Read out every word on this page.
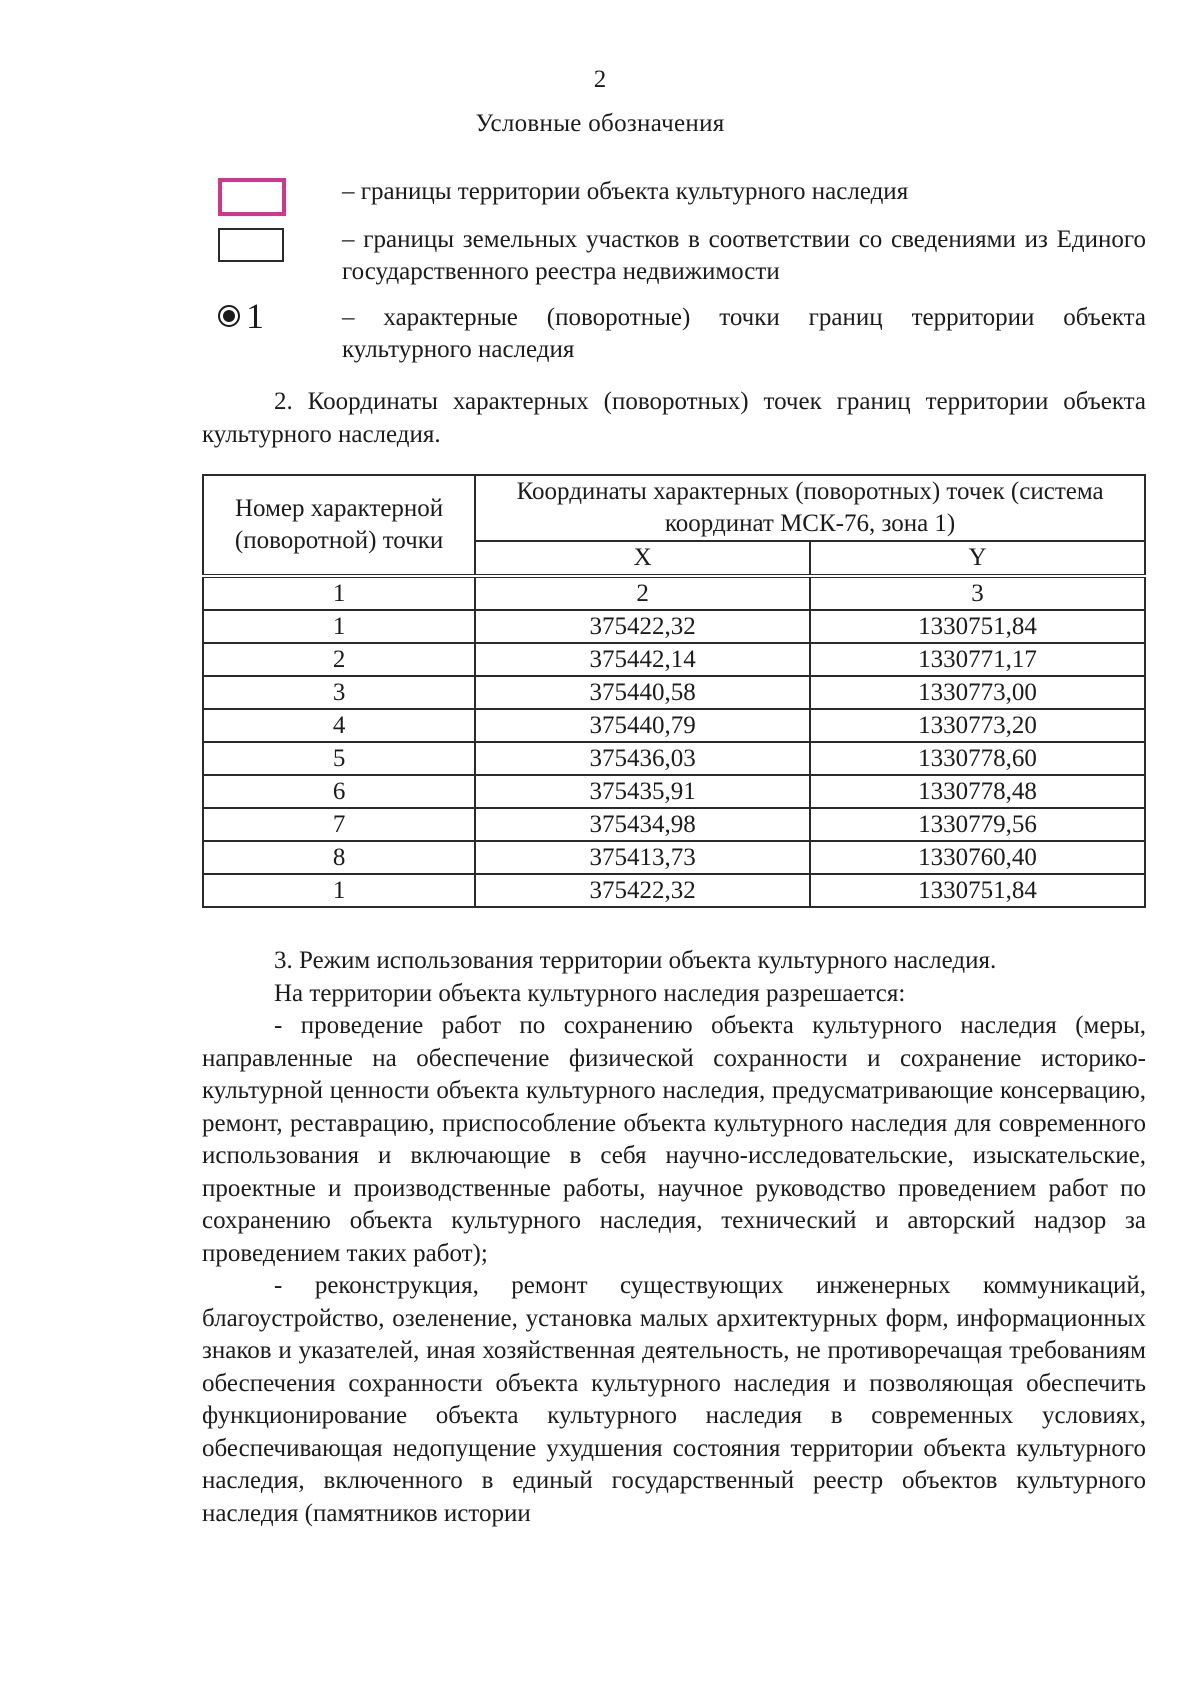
2
Условные обозначения
– границы территории объекта культурного наследия
– границы земельных участков в соответствии со сведениями из Единого государственного реестра недвижимости
1	– характерные (поворотные) точки границ территории объекта культурного наследия
2. Координаты характерных (поворотных) точек границ территории объекта культурного наследия.
Номер характерной (поворотной) точки	Координаты характерных (поворотных) точек (система координат МСК-76, зона 1)	
	X	Y
1	2	3
1	375422,32	1330751,84
2	375442,14	1330771,17
3	375440,58	1330773,00
4	375440,79	1330773,20
5	375436,03	1330778,60
6	375435,91	1330778,48
7	375434,98	1330779,56
8	375413,73	1330760,40
1	375422,32	1330751,84

3. Режим использования территории объекта культурного наследия.

На территории объекта культурного наследия разрешается:

- проведение работ по сохранению объекта культурного наследия (меры, направленные на обеспечение физической сохранности и сохранение историко-культурной ценности объекта культурного наследия, предусматривающие консервацию, ремонт, реставрацию, приспособление объекта культурного наследия для современного использования и включающие в себя научно-исследовательские, изыскательские, проектные и производственные работы, научное руководство проведением работ по сохранению объекта культурного наследия, технический и авторский надзор за проведением таких работ);

- реконструкция, ремонт существующих инженерных коммуникаций, благоустройство, озеленение, установка малых архитектурных форм, информационных знаков и указателей, иная хозяйственная деятельность, не противоречащая требованиям обеспечения сохранности объекта культурного наследия и позволяющая обеспечить функционирование объекта культурного наследия в современных условиях, обеспечивающая недопущение ухудшения состояния территории объекта культурного наследия, включенного в единый государственный реестр объектов культурного наследия (памятников истории
